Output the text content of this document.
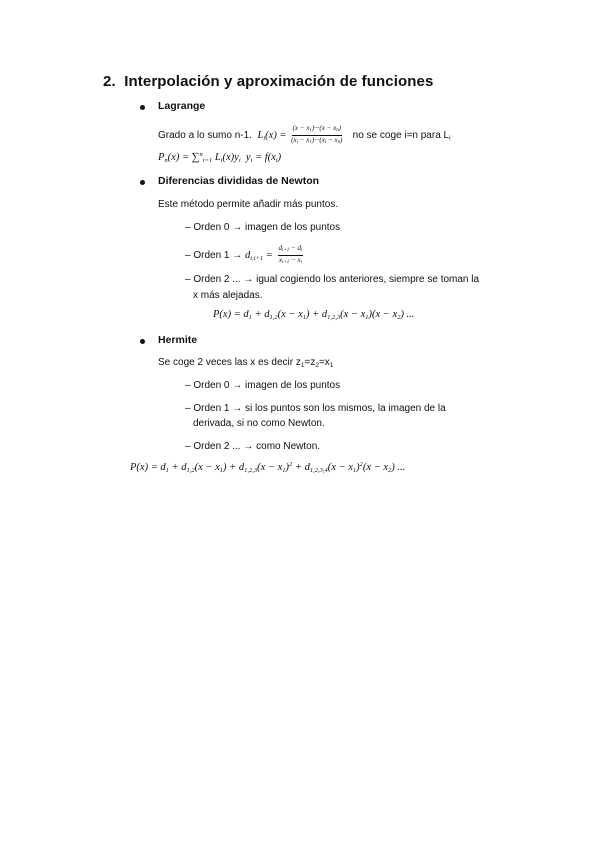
2. Interpolación y aproximación de funciones
Lagrange
Grado a lo sumo n-1. $L_i(x) = \frac{(x - x_1)\cdot\cdot\cdot(x - x_n)}{(x_i - x_1)\cdot\cdot\cdot(x_i - x_n)}$ no se coge i=n para $L_i$
$P_n(x) = \sum^n_{i=1}$ $L_i(x)y_i$  $y_i = f(x_i)$
Diferencias divididas de Newton
Este método permite añadir más puntos.
– Orden 0 → imagen de los puntos
– Orden $1 \to d_{i,i+1} = \frac{d_{i+1} - d_i}{x_{i+1} - x_i}$
– Orden 2 ... → igual cogiendo los anteriores, siempre se toman la
x más alejadas.
$P(x) = d_1 + d_{1,2}(x - x_1) + d_{1,2,3}(x - x_1)(x - x_2)$ ...
Hermite
Se coge 2 veces las x es decir $z_1=z_2=x_1$
– Orden 0 → imagen de los puntos
– Orden 1 → si los puntos son los mismos, la imagen de la
derivada, si no como Newton.
– Orden 2 ... → como Newton.
$P(x) = d_1 + d_{1,2}(x - x_1) + d_{1,2,3}(x - x_1)^2 + d_{1,2,3,4}(x - x_1)^2(x - x_2)$ ...
